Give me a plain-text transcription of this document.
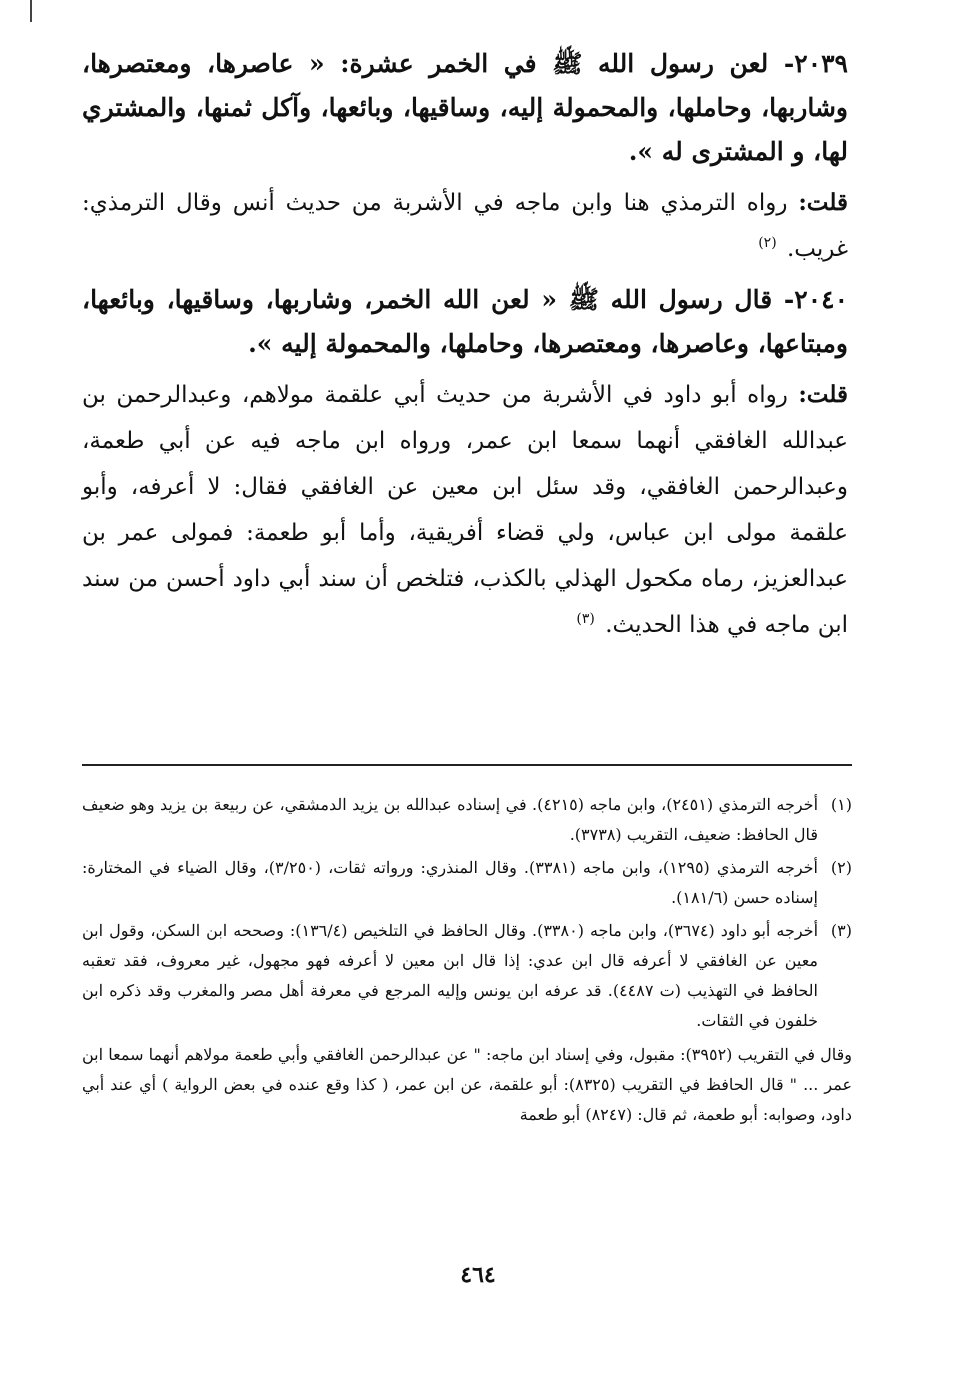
٢٠٣٩- لعن رسول الله ﷺ في الخمر عشرة: « عاصرها، ومعتصرها، وشاربها، وحاملها، والمحمولة إليه، وساقيها، وبائعها، وآكل ثمنها، والمشتري لها، و المشترى له ».

قلت: رواه الترمذي هنا وابن ماجه في الأشربة من حديث أنس وقال الترمذي: غريب. $^{(٢)}$

٢٠٤٠- قال رسول الله ﷺ « لعن الله الخمر، وشاربها، وساقيها، وبائعها، ومبتاعها، وعاصرها، ومعتصرها، وحاملها، والمحمولة إليه ».

قلت: رواه أبو داود في الأشربة من حديث أبي علقمة مولاهم، وعبدالرحمن بن عبدالله الغافقي أنهما سمعا ابن عمر، ورواه ابن ماجه فيه عن أبي طعمة، وعبدالرحمن الغافقي، وقد سئل ابن معين عن الغافقي فقال: لا أعرفه، وأبو علقمة مولى ابن عباس، ولي قضاء أفريقية، وأما أبو طعمة: فمولى عمر بن عبدالعزيز، رماه مكحول الهذلي بالكذب، فتلخص أن سند أبي داود أحسن من سند ابن ماجه في هذا الحديث. $^{(٣)}$

(١)
أخرجه الترمذي (٢٤٥١)، وابن ماجه (٤٢١٥). في إسناده عبدالله بن يزيد الدمشقي، عن ربيعة بن يزيد وهو ضعيف قال الحافظ: ضعيف، التقريب (٣٧٣٨).

(٢)
أخرجه الترمذي (١٢٩٥)، وابن ماجه (٣٣٨١). وقال المنذري: ورواته ثقات، (٣/٢٥٠)، وقال الضياء في المختارة: إسناده حسن (١٨١/٦).

(٣)
أخرجه أبو داود (٣٦٧٤)، وابن ماجه (٣٣٨٠). وقال الحافظ في التلخيص (١٣٦/٤): وصححه ابن السكن، وقول ابن معين عن الغافقي لا أعرفه قال ابن عدي: إذا قال ابن معين لا أعرفه فهو مجهول، غير معروف، فقد تعقبه الحافظ في التهذيب (ت ٤٤٨٧). قد عرفه ابن يونس وإليه المرجع في معرفة أهل مصر والمغرب وقد ذكره ابن خلفون في الثقات.

وقال في التقريب (٣٩٥٢): مقبول، وفي إسناد ابن ماجه: " عن عبدالرحمن الغافقي وأبي طعمة مولاهم أنهما سمعا ابن عمر ... " قال الحافظ في التقريب (٨٣٢٥): أبو علقمة، عن ابن عمر، ( كذا وقع عنده في بعض الرواية ) أي عند أبي داود، وصوابه: أبو طعمة، ثم قال: (٨٢٤٧) أبو طعمة

٤٦٤
